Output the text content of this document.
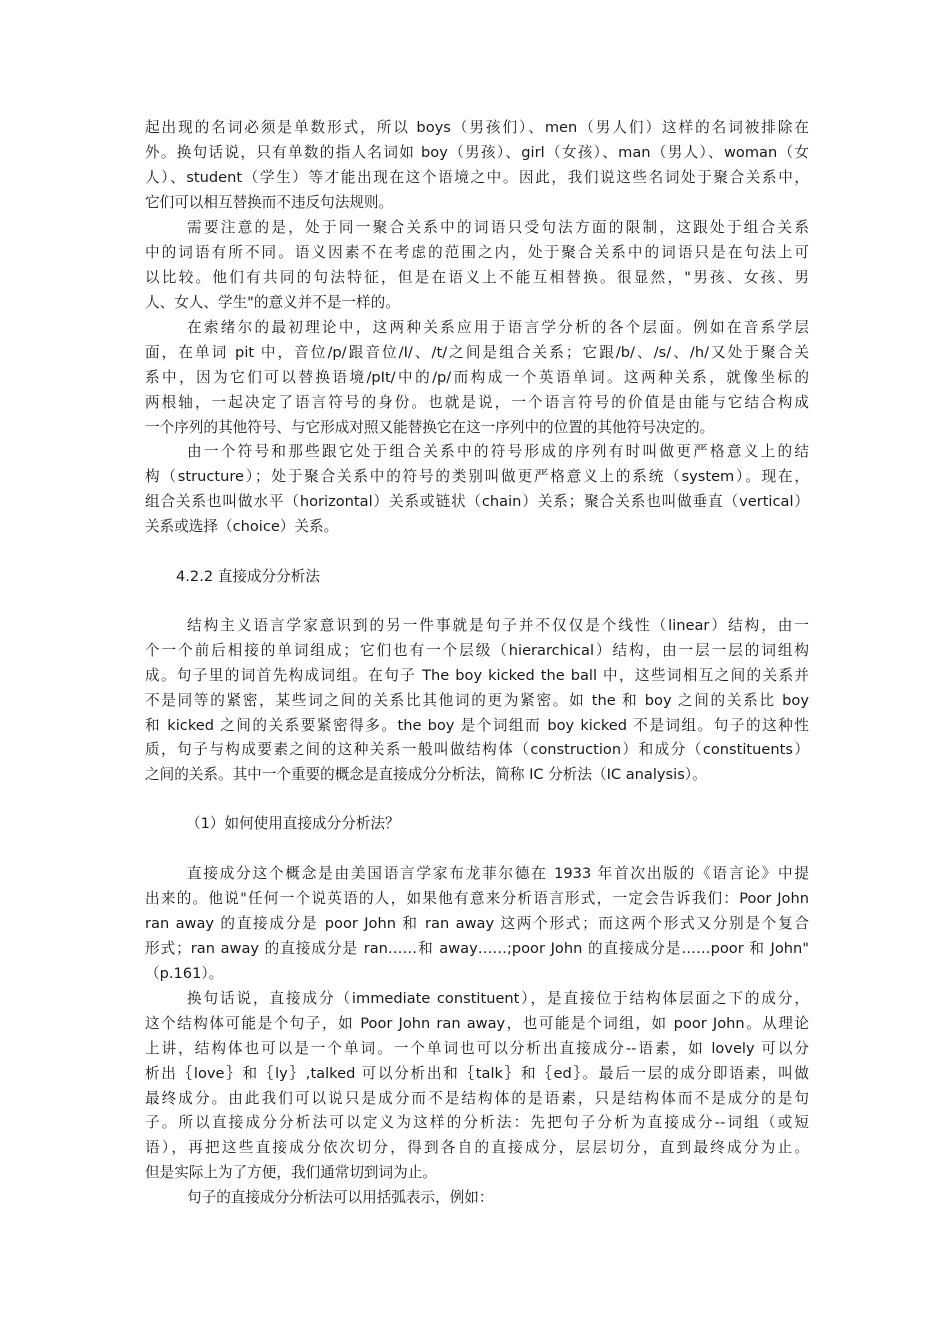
起出现的名词必须是单数形式，所以 boys（男孩们）、men（男人们）这样的名词被排除在
外。换句话说，只有单数的指人名词如 boy（男孩）、girl（女孩）、man（男人）、woman（女
人）、student（学生）等才能出现在这个语境之中。因此，我们说这些名词处于聚合关系中，
它们可以相互替换而不违反句法规则。
需要注意的是，处于同一聚合关系中的词语只受句法方面的限制，这跟处于组合关系
中的词语有所不同。语义因素不在考虑的范围之内，处于聚合关系中的词语只是在句法上可
以比较。他们有共同的句法特征，但是在语义上不能互相替换。很显然，"男孩、女孩、男
人、女人、学生"的意义并不是一样的。
在索绪尔的最初理论中，这两种关系应用于语言学分析的各个层面。例如在音系学层
面，在单词 pit 中，音位/p/跟音位/I/、/t/之间是组合关系；它跟/b/、/s/、/h/又处于聚合关
系中，因为它们可以替换语境/pIt/中的/p/而构成一个英语单词。这两种关系，就像坐标的
两根轴，一起决定了语言符号的身份。也就是说，一个语言符号的价值是由能与它结合构成
一个序列的其他符号、与它形成对照又能替换它在这一序列中的位置的其他符号决定的。
由一个符号和那些跟它处于组合关系中的符号形成的序列有时叫做更严格意义上的结
构（structure）；处于聚合关系中的符号的类别叫做更严格意义上的系统（system）。现在，
组合关系也叫做水平（horizontal）关系或链状（chain）关系；聚合关系也叫做垂直（vertical）
关系或选择（choice）关系。
4.2.2 直接成分分析法
结构主义语言学家意识到的另一件事就是句子并不仅仅是个线性（linear）结构，由一
个一个前后相接的单词组成；它们也有一个层级（hierarchical）结构，由一层一层的词组构
成。句子里的词首先构成词组。在句子 The boy kicked the ball 中，这些词相互之间的关系并
不是同等的紧密，某些词之间的关系比其他词的更为紧密。如 the 和 boy 之间的关系比 boy
和 kicked 之间的关系要紧密得多。the boy 是个词组而 boy kicked 不是词组。句子的这种性
质，句子与构成要素之间的这种关系一般叫做结构体（construction）和成分（constituents）
之间的关系。其中一个重要的概念是直接成分分析法，简称 IC 分析法（IC analysis）。
（1）如何使用直接成分分析法？
直接成分这个概念是由美国语言学家布龙菲尔德在 1933 年首次出版的《语言论》中提
出来的。他说"任何一个说英语的人，如果他有意来分析语言形式，一定会告诉我们：Poor John
ran away 的直接成分是 poor John 和 ran away 这两个形式；而这两个形式又分别是个复合
形式；ran away 的直接成分是 ran……和 away……;poor John 的直接成分是……poor 和 John"
（p.161）。
换句话说，直接成分（immediate constituent），是直接位于结构体层面之下的成分，
这个结构体可能是个句子，如 Poor John ran away，也可能是个词组，如 poor John。从理论
上讲，结构体也可以是一个单词。一个单词也可以分析出直接成分--语素，如 lovely 可以分
析出｛love｝和｛ly｝,talked 可以分析出和｛talk｝和｛ed｝。最后一层的成分即语素，叫做
最终成分。由此我们可以说只是成分而不是结构体的是语素，只是结构体而不是成分的是句
子。所以直接成分分析法可以定义为这样的分析法：先把句子分析为直接成分--词组（或短
语），再把这些直接成分依次切分，得到各自的直接成分，层层切分，直到最终成分为止。
但是实际上为了方便，我们通常切到词为止。
句子的直接成分分析法可以用括弧表示，例如：
